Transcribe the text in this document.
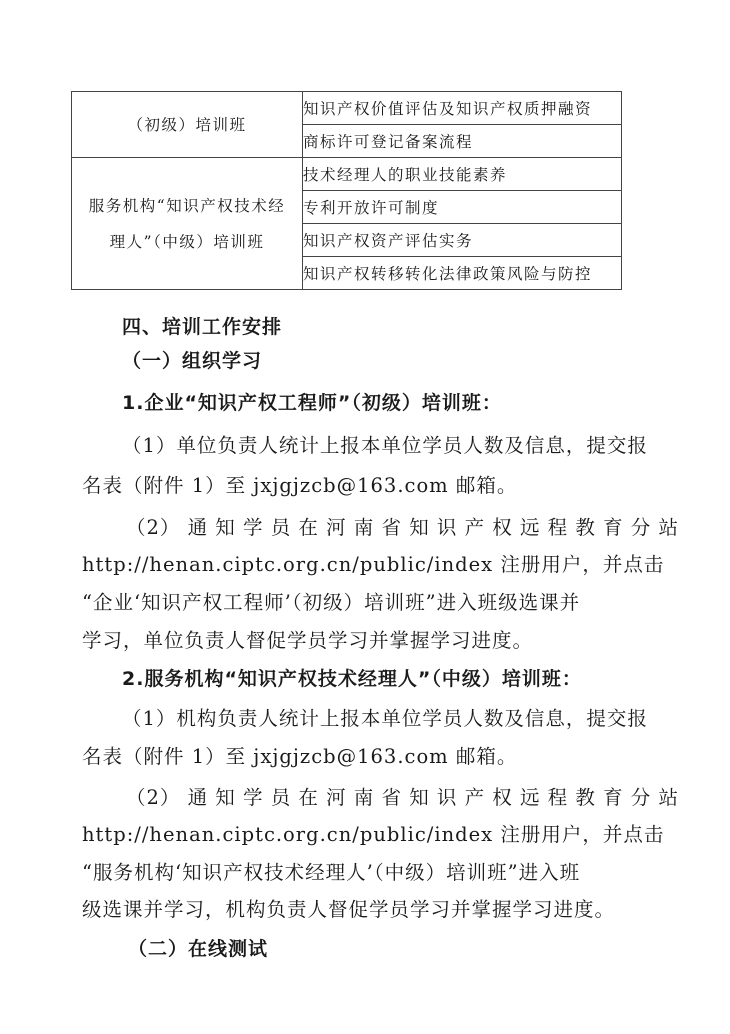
（初级）培训班	知识产权价值评估及知识产权质押融资
	商标许可登记备案流程
服务机构“知识产权技术经
理人”（中级）培训班	技术经理人的职业技能素养
	专利开放许可制度
	知识产权资产评估实务
	知识产权转移转化法律政策风险与防控
四、培训工作安排
（一）组织学习
1.企业“知识产权工程师”（初级）培训班：
（1）单位负责人统计上报本单位学员人数及信息，提交报
名表（附件 1）至 jxjgjzcb@163.com 邮箱。
（2） 通 知 学 员 在 河 南 省 知 识 产 权 远 程 教 育 分 站
http://henan.ciptc.org.cn/public/index 注册用户，并点击
“企业‘知识产权工程师’（初级）培训班”进入班级选课并
学习，单位负责人督促学员学习并掌握学习进度。
2.服务机构“知识产权技术经理人”（中级）培训班：
（1）机构负责人统计上报本单位学员人数及信息，提交报
名表（附件 1）至 jxjgjzcb@163.com 邮箱。
（2） 通 知 学 员 在 河 南 省 知 识 产 权 远 程 教 育 分 站
http://henan.ciptc.org.cn/public/index 注册用户，并点击
“服务机构‘知识产权技术经理人’（中级）培训班”进入班
级选课并学习，机构负责人督促学员学习并掌握学习进度。
（二）在线测试
